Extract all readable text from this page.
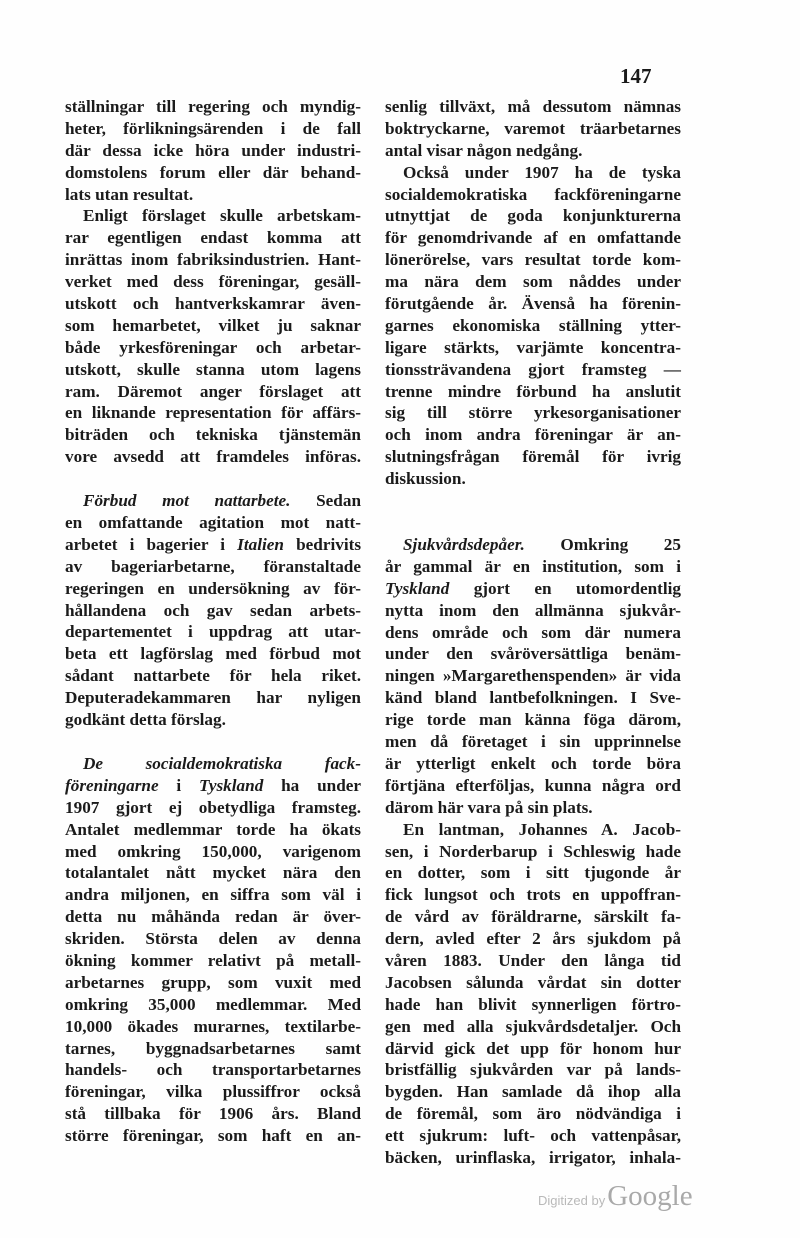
147
ställningar till regering och myndig-
heter, förlikningsärenden i de fall
där dessa icke höra under industri-
domstolens forum eller där behand-
lats utan resultat.
Enligt förslaget skulle arbetskam-
rar egentligen endast komma att
inrättas inom fabriksindustrien. Hant-
verket med dess föreningar, gesäll-
utskott och hantverkskamrar även-
som hemarbetet, vilket ju saknar
både yrkesföreningar och arbetar-
utskott, skulle stanna utom lagens
ram. Däremot anger förslaget att
en liknande representation för affärs-
biträden och tekniska tjänstemän
vore avsedd att framdeles införas.
Förbud mot nattarbete. Sedan
en omfattande agitation mot natt-
arbetet i bagerier i Italien bedrivits
av bageriarbetarne, föranstaltade
regeringen en undersökning av för-
hållandena och gav sedan arbets-
departementet i uppdrag att utar-
beta ett lagförslag med förbud mot
sådant nattarbete för hela riket.
Deputeradekammaren har nyligen
godkänt detta förslag.
De socialdemokratiska fack-
föreningarne i Tyskland ha under
1907 gjort ej obetydliga framsteg.
Antalet medlemmar torde ha ökats
med omkring 150,000, varigenom
totalantalet nått mycket nära den
andra miljonen, en siffra som väl i
detta nu måhända redan är över-
skriden. Största delen av denna
ökning kommer relativt på metall-
arbetarnes grupp, som vuxit med
omkring 35,000 medlemmar. Med
10,000 ökades murarnes, textilarbe-
tarnes, byggnadsarbetarnes samt
handels- och transportarbetarnes
föreningar, vilka plussiffror också
stå tillbaka för 1906 års. Bland
större föreningar, som haft en an-
senlig tillväxt, må dessutom nämnas
boktryckarne, varemot träarbetarnes
antal visar någon nedgång.
Också under 1907 ha de tyska
socialdemokratiska fackföreningarne
utnyttjat de goda konjunkturerna
för genomdrivande af en omfattande
lönerörelse, vars resultat torde kom-
ma nära dem som nåddes under
förutgående år. Ävenså ha förenin-
garnes ekonomiska ställning ytter-
ligare stärkts, varjämte koncentra-
tionssträvandena gjort framsteg —
trenne mindre förbund ha anslutit
sig till större yrkesorganisationer
och inom andra föreningar är an-
slutningsfrågan föremål för ivrig
diskussion.
Sjukvårdsdepåer. Omkring 25
år gammal är en institution, som i
Tyskland gjort en utomordentlig
nytta inom den allmänna sjukvår-
dens område och som där numera
under den svåröversättliga benäm-
ningen »Margarethenspenden» är vida
känd bland lantbefolkningen. I Sve-
rige torde man känna föga därom,
men då företaget i sin upprinnelse
är ytterligt enkelt och torde böra
förtjäna efterföljas, kunna några ord
därom här vara på sin plats.
En lantman, Johannes A. Jacob-
sen, i Norderbarup i Schleswig hade
en dotter, som i sitt tjugonde år
fick lungsot och trots en uppoffran-
de vård av föräldrarne, särskilt fa-
dern, avled efter 2 års sjukdom på
våren 1883. Under den långa tid
Jacobsen sålunda vårdat sin dotter
hade han blivit synnerligen förtro-
gen med alla sjukvårdsdetaljer. Och
därvid gick det upp för honom hur
bristfällig sjukvården var på lands-
bygden. Han samlade då ihop alla
de föremål, som äro nödvändiga i
ett sjukrum: luft- och vattenpåsar,
bäcken, urinflaska, irrigator, inhala-
Digitized byGoogle
